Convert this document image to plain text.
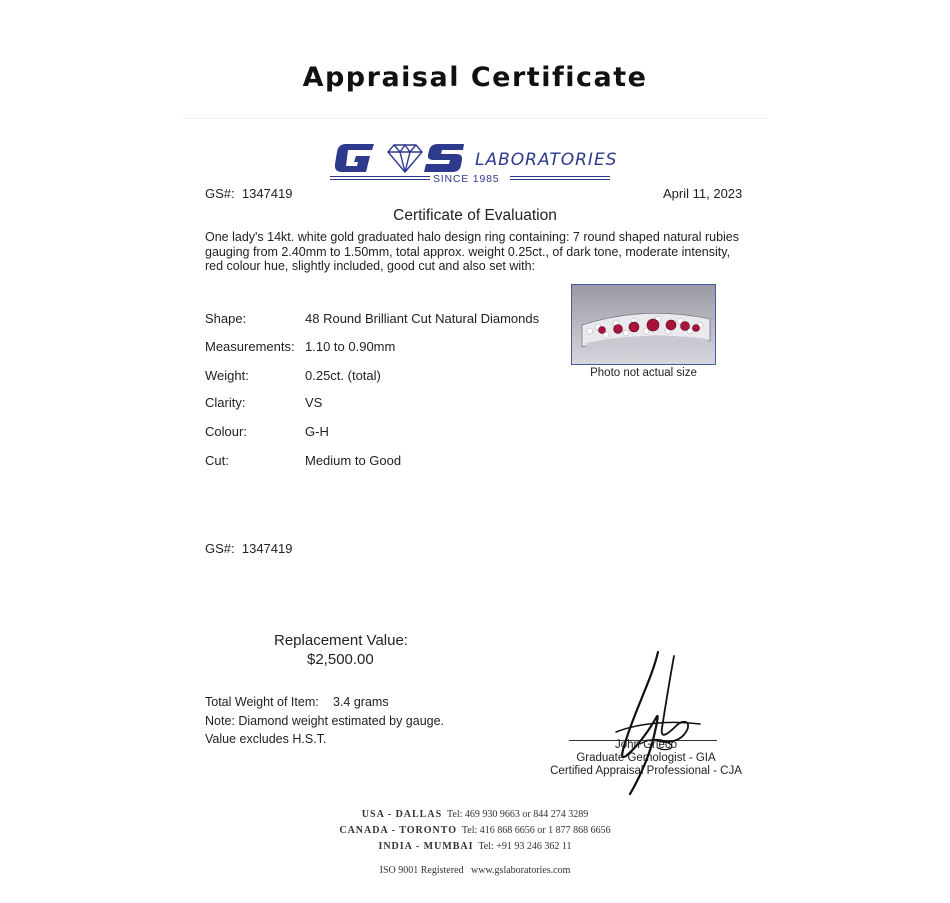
Appraisal Certificate
LABORATORIES
SINCE 1985
GS#: 1347419	April 11, 2023
Certificate of Evaluation
One lady's 14kt. white gold graduated halo design ring containing: 7 round shaped natural rubies gauging from 2.40mm to 1.50mm, total approx. weight 0.25ct., of dark tone, moderate intensity, red colour hue, slightly included, good cut and also set with:
Shape:	48 Round Brilliant Cut Natural Diamonds
Measurements: 1.10 to 0.90mm
Weight:	0.25ct. (total)
Clarity:	VS
Colour:	G-H
Cut:	Medium to Good
Photo not actual size
GS#: 1347419
Replacement Value:
$2,500.00
Total Weight of Item: 3.4 grams
Note: Diamond weight estimated by gauge.
Value excludes H.S.T.	John Grieco
Graduate Gemologist - GIA
Certified Appraisal Professional - CJA
USA - DALLAS Tel: 469 930 9663 or 844 274 3289
CANADA - TORONTO Tel: 416 868 6656 or 1 877 868 6656
INDIA - MUMBAI Tel: +91 93 246 362 11
ISO 9001 Registered www.gslaboratories.com
